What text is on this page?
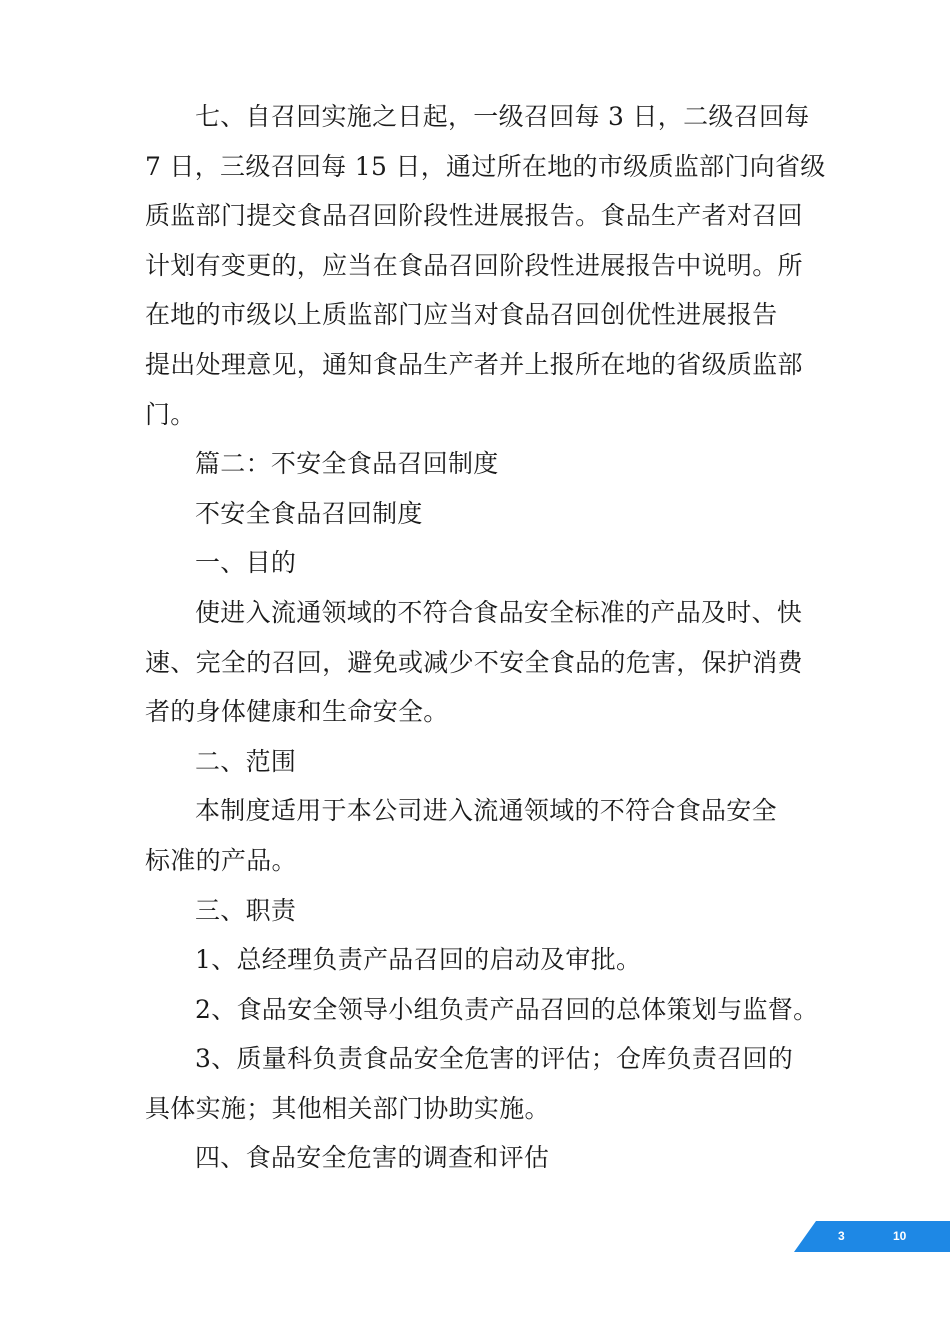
七、自召回实施之日起，一级召回每 3 日，二级召回每
7 日，三级召回每 15 日，通过所在地的市级质监部门向省级
质监部门提交食品召回阶段性进展报告。食品生产者对召回
计划有变更的，应当在食品召回阶段性进展报告中说明。所
在地的市级以上质监部门应当对食品召回创优性进展报告
提出处理意见，通知食品生产者并上报所在地的省级质监部
门。
篇二：不安全食品召回制度
不安全食品召回制度
一、目的
使进入流通领域的不符合食品安全标准的产品及时、快
速、完全的召回，避免或减少不安全食品的危害，保护消费
者的身体健康和生命安全。
二、范围
本制度适用于本公司进入流通领域的不符合食品安全
标准的产品。
三、职责
1、总经理负责产品召回的启动及审批。
2、食品安全领导小组负责产品召回的总体策划与监督。
3、质量科负责食品安全危害的评估；仓库负责召回的
具体实施；其他相关部门协助实施。
四、食品安全危害的调查和评估
3	10
